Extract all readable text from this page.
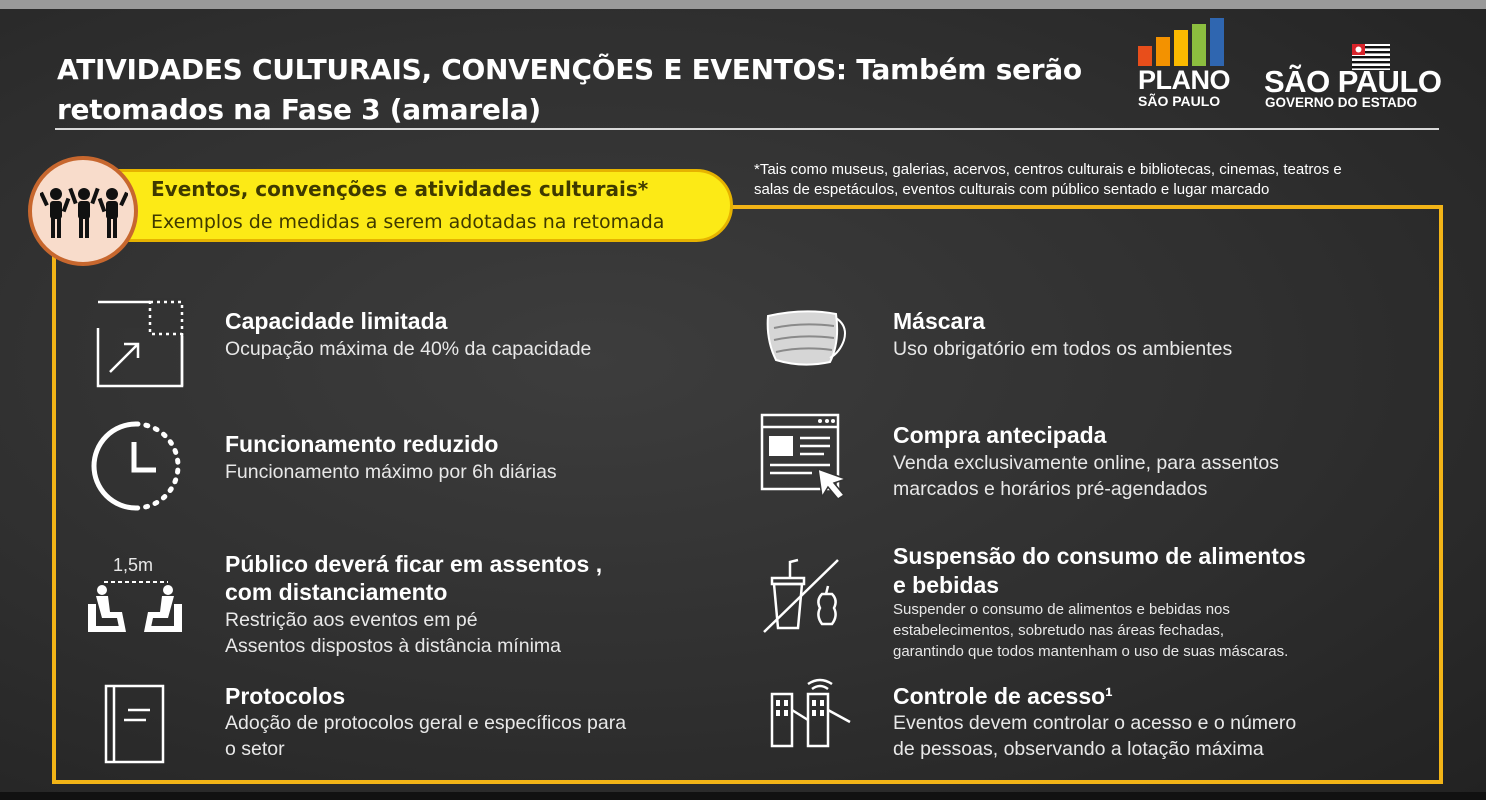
ATIVIDADES CULTURAIS, CONVENÇÕES E EVENTOS: Também serão
retomados na Fase 3 (amarela)
PLANO
SÃO PAULO
SÃO PAULO
GOVERNO DO ESTADO
Eventos, convenções e atividades culturais*
Exemplos de medidas a serem adotadas na retomada
*Tais como museus, galerias, acervos, centros culturais e bibliotecas, cinemas, teatros e
salas de espetáculos, eventos culturais com público sentado e lugar marcado
Capacidade limitada
Ocupação máxima de 40% da capacidade
Funcionamento reduzido
Funcionamento máximo por 6h diárias
1,5m	Público deverá ficar em assentos ,
com distanciamento
Restrição aos eventos em pé
Assentos dispostos à distância mínima
Protocolos
Adoção de protocolos geral e específicos para
o setor
Máscara
Uso obrigatório em todos os ambientes
Compra antecipada
Venda exclusivamente online, para assentos
marcados e horários pré-agendados
Suspensão do consumo de alimentos
e bebidas
Suspender o consumo de alimentos e bebidas nos
estabelecimentos, sobretudo nas áreas fechadas,
garantindo que todos mantenham o uso de suas máscaras.
Controle de acesso¹
Eventos devem controlar o acesso e o número
de pessoas, observando a lotação máxima
